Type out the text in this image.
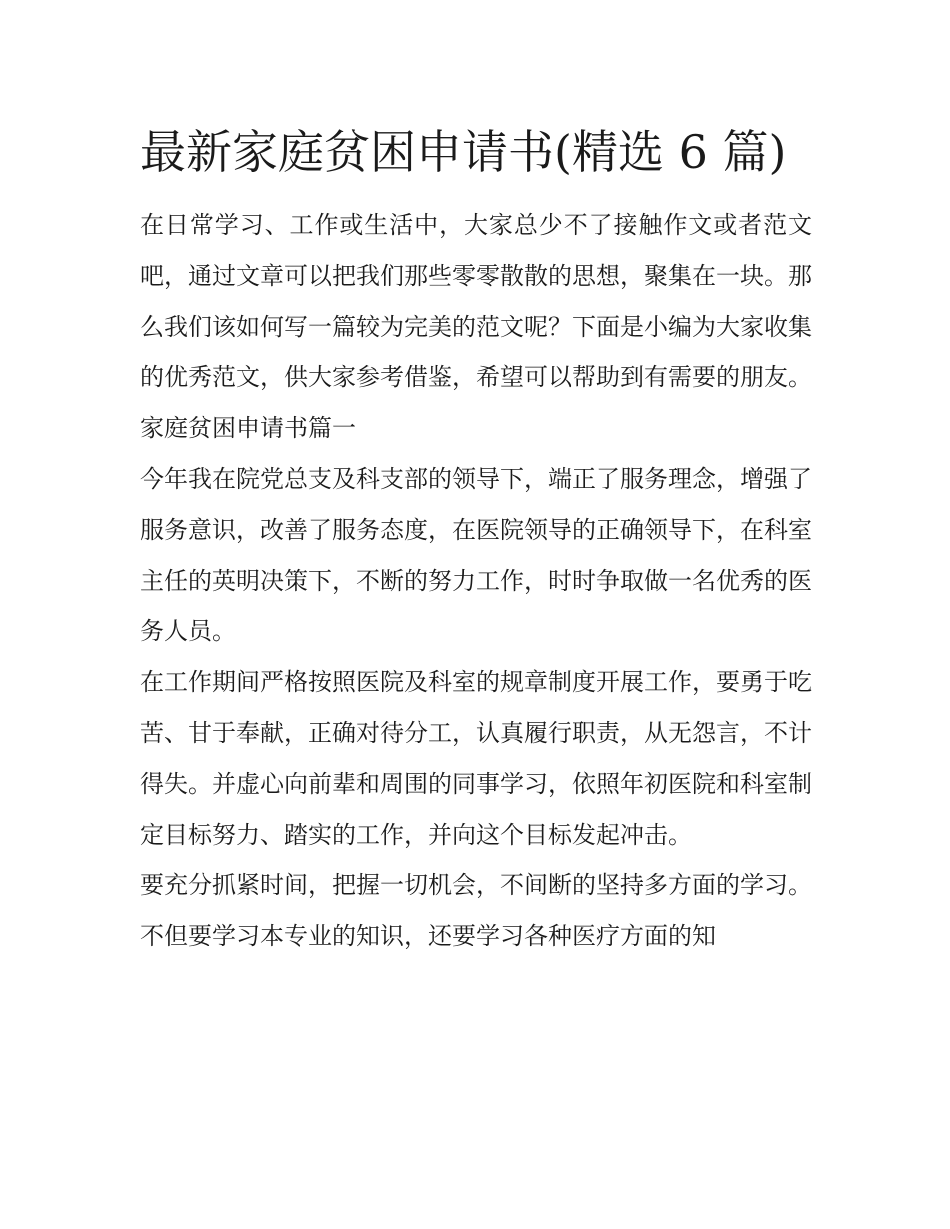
最新家庭贫困申请书(精选 6 篇)

在日常学习、工作或生活中，大家总少不了接触作文或者范文吧，通过文章可以把我们那些零零散散的思想，聚集在一块。那么我们该如何写一篇较为完美的范文呢？下面是小编为大家收集的优秀范文，供大家参考借鉴，希望可以帮助到有需要的朋友。

家庭贫困申请书篇一

今年我在院党总支及科支部的领导下，端正了服务理念，增强了服务意识，改善了服务态度，在医院领导的正确领导下，在科室主任的英明决策下，不断的努力工作，时时争取做一名优秀的医务人员。

在工作期间严格按照医院及科室的规章制度开展工作，要勇于吃苦、甘于奉献，正确对待分工，认真履行职责，从无怨言，不计得失。并虚心向前辈和周围的同事学习，依照年初医院和科室制定目标努力、踏实的工作，并向这个目标发起冲击。

要充分抓紧时间，把握一切机会，不间断的坚持多方面的学习。不但要学习本专业的知识，还要学习各种医疗方面的知
